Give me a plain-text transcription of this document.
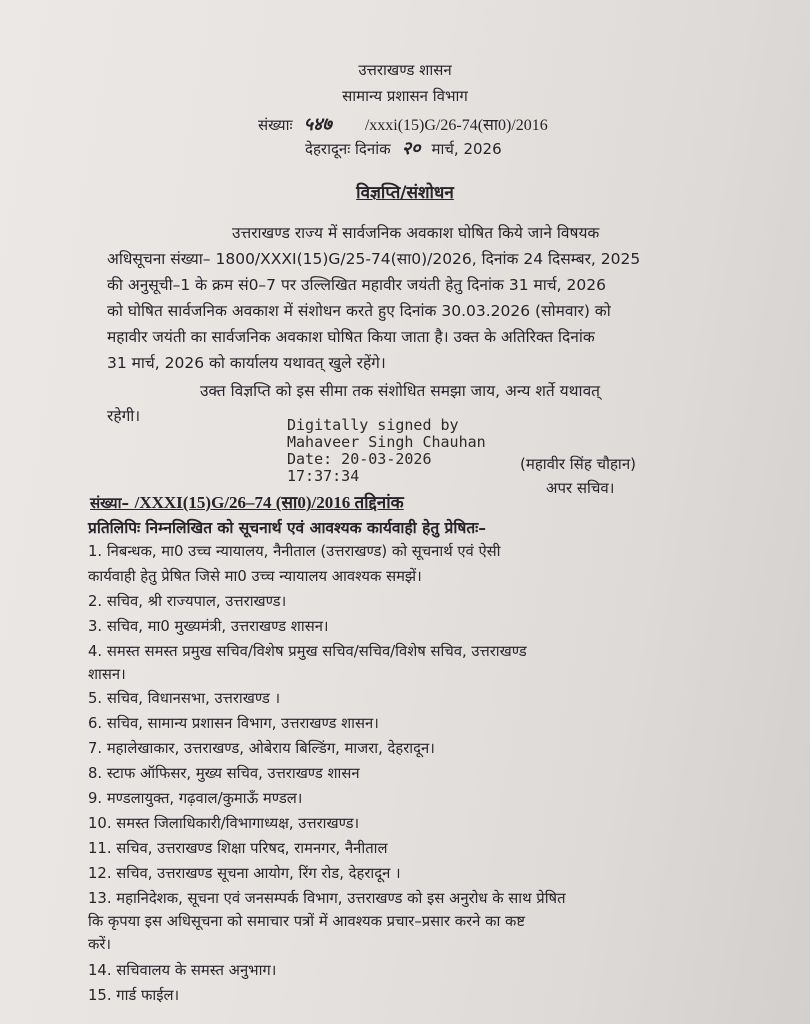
उत्तराखण्ड शासन
सामान्य प्रशासन विभाग
संख्याः ५४७ /xxxi(15)G/26-74(सा0)/2016
देहरादूनः दिनांक २० मार्च, 2026
विज्ञप्ति/संशोधन
उत्तराखण्ड राज्य में सार्वजनिक अवकाश घोषित किये जाने विषयक
अधिसूचना संख्या– 1800/XXXI(15)G/25-74(सा0)/2026, दिनांक 24 दिसम्बर, 2025
की अनुसूची–1 के क्रम सं0–7 पर उल्लिखित महावीर जयंती हेतु दिनांक 31 मार्च, 2026
को घोषित सार्वजनिक अवकाश में संशोधन करते हुए दिनांक 30.03.2026 (सोमवार) को
महावीर जयंती का सार्वजनिक अवकाश घोषित किया जाता है। उक्त के अतिरिक्त दिनांक
31 मार्च, 2026 को कार्यालय यथावत् खुले रहेंगे।
उक्त विज्ञप्ति को इस सीमा तक संशोधित समझा जाय, अन्य शर्ते यथावत्
रहेगी।	Digitally signed by
Mahaveer Singh Chauhan
Date: 20-03-2026
17:37:34
(महावीर सिंह चौहान)
अपर सचिव।
संख्या– /XXXI(15)G/26–74 (सा0)/2016 तद्दिनांक
प्रतिलिपिः निम्नलिखित को सूचनार्थ एवं आवश्यक कार्यवाही हेतु प्रेषितः–
1. निबन्धक, मा0 उच्च न्यायालय, नैनीताल (उत्तराखण्ड) को सूचनार्थ एवं ऐसी
कार्यवाही हेतु प्रेषित जिसे मा0 उच्च न्यायालय आवश्यक समझें।
2. सचिव, श्री राज्यपाल, उत्तराखण्ड।
3. सचिव, मा0 मुख्यमंत्री, उत्तराखण्ड शासन।
4. समस्त समस्त प्रमुख सचिव/विशेष प्रमुख सचिव/सचिव/विशेष सचिव, उत्तराखण्ड
शासन।
5. सचिव, विधानसभा, उत्तराखण्ड ।
6. सचिव, सामान्य प्रशासन विभाग, उत्तराखण्ड शासन।
7. महालेखाकार, उत्तराखण्ड, ओबेराय बिल्डिंग, माजरा, देहरादून।
8. स्टाफ ऑफिसर, मुख्य सचिव, उत्तराखण्ड शासन
9. मण्डलायुक्त, गढ़वाल/कुमाऊँ मण्डल।
10. समस्त जिलाधिकारी/विभागाध्यक्ष, उत्तराखण्ड।
11. सचिव, उत्तराखण्ड शिक्षा परिषद, रामनगर, नैनीताल
12. सचिव, उत्तराखण्ड सूचना आयोग, रिंग रोड, देहरादून ।
13. महानिदेशक, सूचना एवं जनसम्पर्क विभाग, उत्तराखण्ड को इस अनुरोध के साथ प्रेषित
कि कृपया इस अधिसूचना को समाचार पत्रों में आवश्यक प्रचार–प्रसार करने का कष्ट
करें।
14. सचिवालय के समस्त अनुभाग।
15. गार्ड फाईल।
